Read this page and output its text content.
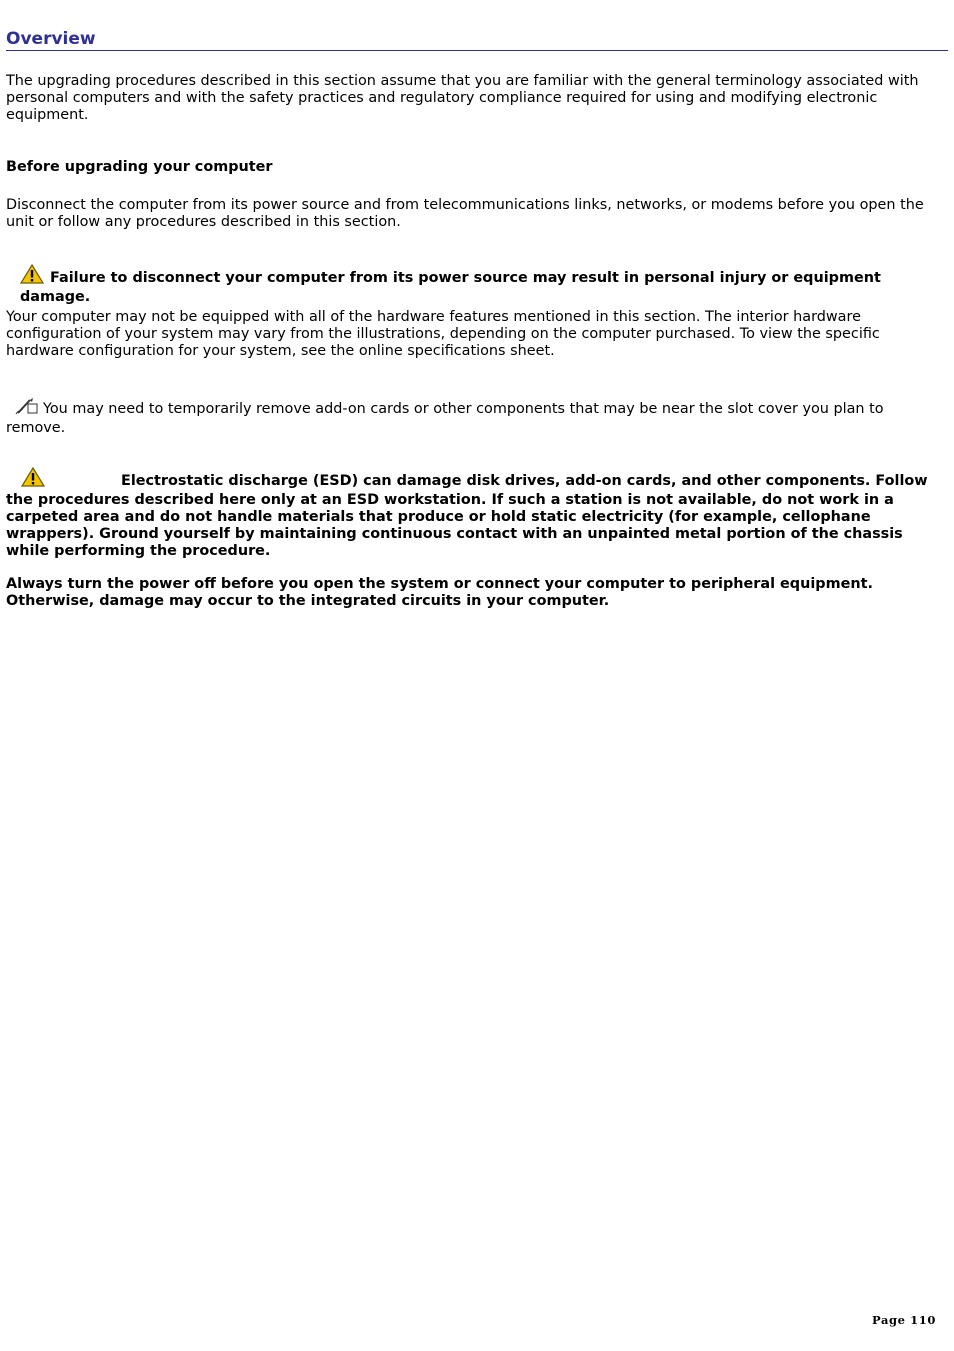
Overview

The upgrading procedures described in this section assume that you are familiar with the general terminology associated with personal computers and with the safety practices and regulatory compliance required for using and modifying electronic equipment.

Before upgrading your computer

Disconnect the computer from its power source and from telecommunications links, networks, or modems before you open the unit or follow any procedures described in this section.

Failure to disconnect your computer from its power source may result in personal injury or equipment damage.

Your computer may not be equipped with all of the hardware features mentioned in this section. The interior hardware configuration of your system may vary from the illustrations, depending on the computer purchased. To view the specific hardware configuration for your system, see the online specifications sheet.

You may need to temporarily remove add-on cards or other components that may be near the slot cover you plan to remove.

Electrostatic discharge (ESD) can damage disk drives, add-on cards, and other components. Follow the procedures described here only at an ESD workstation. If such a station is not available, do not work in a carpeted area and do not handle materials that produce or hold static electricity (for example, cellophane wrappers). Ground yourself by maintaining continuous contact with an unpainted metal portion of the chassis while performing the procedure.

Always turn the power off before you open the system or connect your computer to peripheral equipment. Otherwise, damage may occur to the integrated circuits in your computer.

Page 110
